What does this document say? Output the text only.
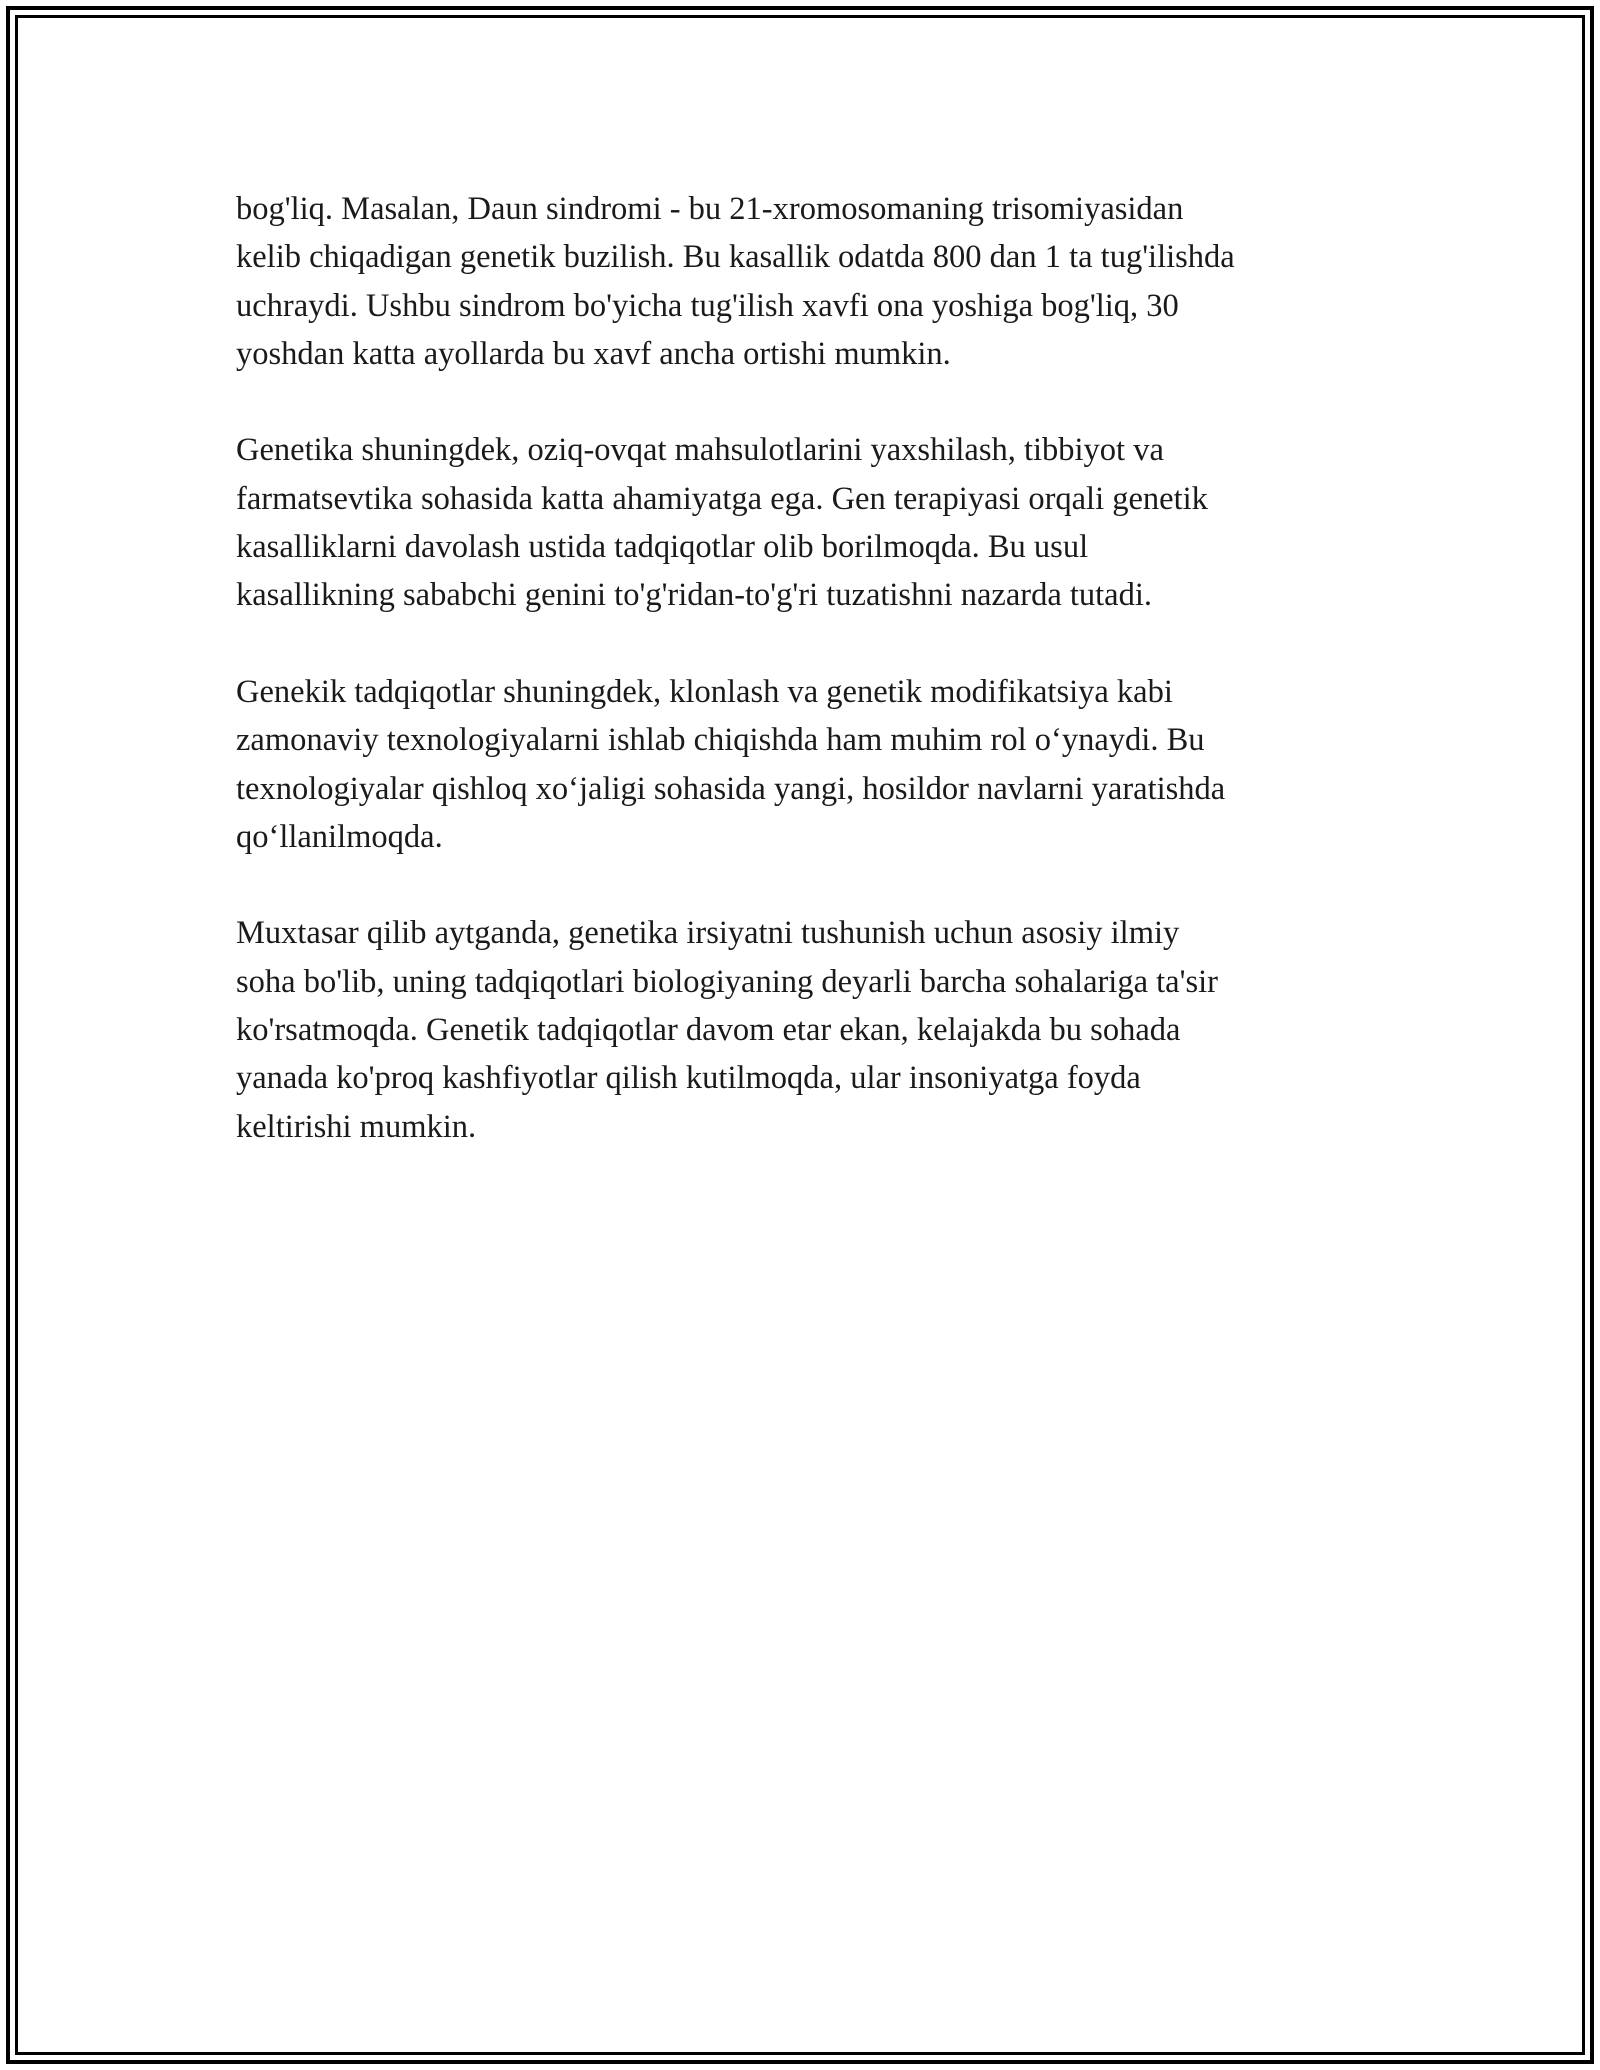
bog'liq. Masalan, Daun sindromi - bu 21-xromosomaning trisomiyasidan
kelib chiqadigan genetik buzilish. Bu kasallik odatda 800 dan 1 ta tug'ilishda
uchraydi. Ushbu sindrom bo'yicha tug'ilish xavfi ona yoshiga bog'liq, 30
yoshdan katta ayollarda bu xavf ancha ortishi mumkin.

Genetika shuningdek, oziq-ovqat mahsulotlarini yaxshilash, tibbiyot va
farmatsevtika sohasida katta ahamiyatga ega. Gen terapiyasi orqali genetik
kasalliklarni davolash ustida tadqiqotlar olib borilmoqda. Bu usul
kasallikning sababchi genini to'g'ridan-to'g'ri tuzatishni nazarda tutadi.

Genekik tadqiqotlar shuningdek, klonlash va genetik modifikatsiya kabi
zamonaviy texnologiyalarni ishlab chiqishda ham muhim rol o‘ynaydi. Bu
texnologiyalar qishloq xo‘jaligi sohasida yangi, hosildor navlarni yaratishda
qo‘llanilmoqda.

Muxtasar qilib aytganda, genetika irsiyatni tushunish uchun asosiy ilmiy
soha bo'lib, uning tadqiqotlari biologiyaning deyarli barcha sohalariga ta'sir
ko'rsatmoqda. Genetik tadqiqotlar davom etar ekan, kelajakda bu sohada
yanada ko'proq kashfiyotlar qilish kutilmoqda, ular insoniyatga foyda
keltirishi mumkin.
